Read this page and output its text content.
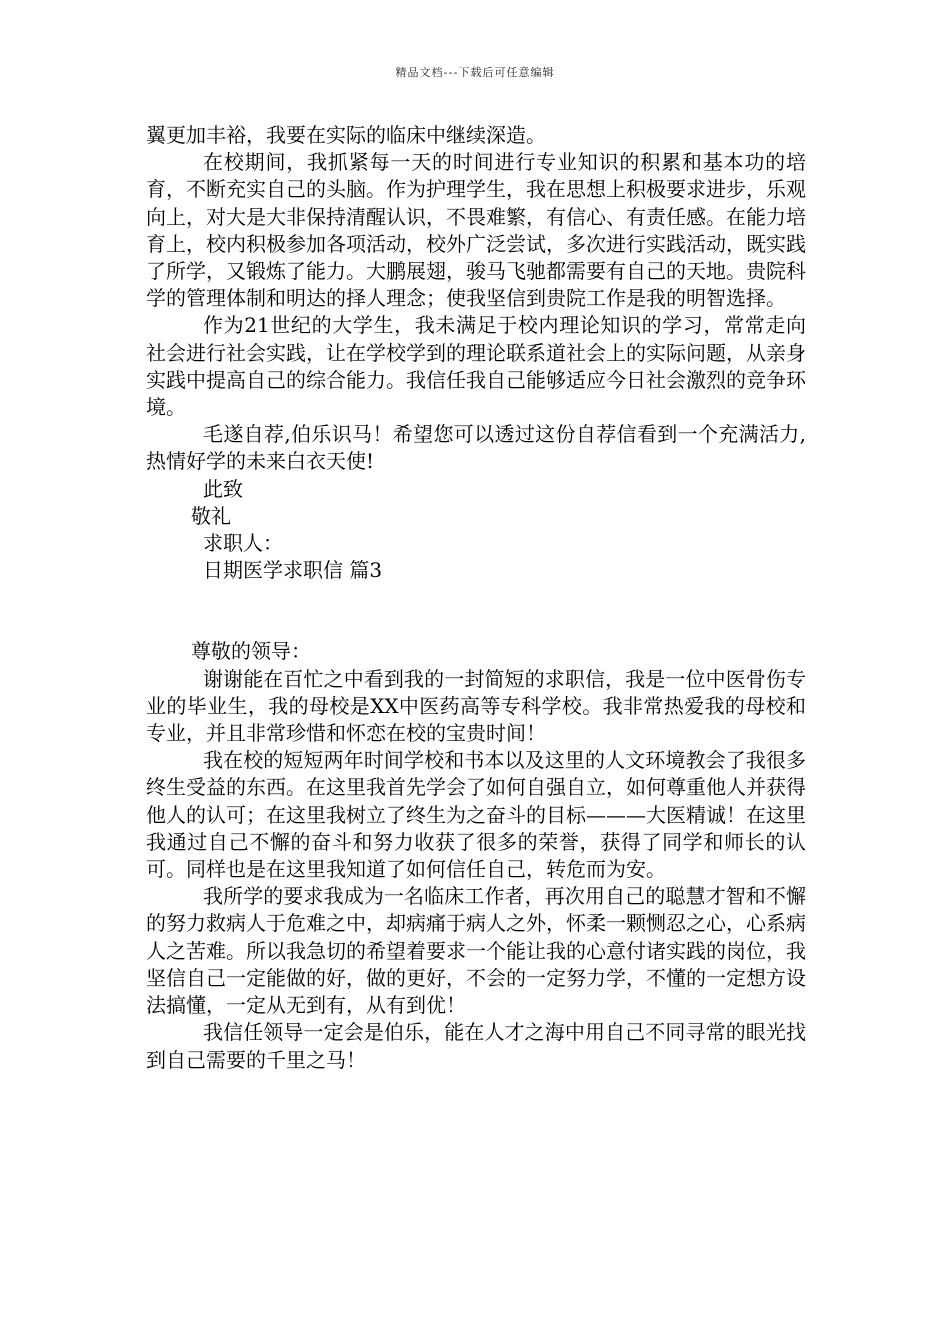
精品文档---下载后可任意编辑

翼更加丰裕，我要在实际的临床中继续深造。

在校期间，我抓紧每一天的时间进行专业知识的积累和基本功的培育，不断充实自己的头脑。作为护理学生，我在思想上积极要求进步，乐观向上，对大是大非保持清醒认识，不畏难繁，有信心、有责任感。在能力培育上，校内积极参加各项活动，校外广泛尝试，多次进行实践活动，既实践了所学，又锻炼了能力。大鹏展翅，骏马飞驰都需要有自己的天地。贵院科学的管理体制和明达的择人理念；使我坚信到贵院工作是我的明智选择。

作为21世纪的大学生，我未满足于校内理论知识的学习，常常走向社会进行社会实践，让在学校学到的理论联系道社会上的实际问题，从亲身实践中提高自己的综合能力。我信任我自己能够适应今日社会激烈的竞争环境。

毛遂自荐,伯乐识马！希望您可以透过这份自荐信看到一个充满活力,热情好学的未来白衣天使!

此致
敬礼
求职人：
日期医学求职信 篇3
尊敬的领导：

谢谢能在百忙之中看到我的一封简短的求职信，我是一位中医骨伤专业的毕业生，我的母校是XX中医药高等专科学校。我非常热爱我的母校和专业，并且非常珍惜和怀恋在校的宝贵时间！

我在校的短短两年时间学校和书本以及这里的人文环境教会了我很多终生受益的东西。在这里我首先学会了如何自强自立，如何尊重他人并获得他人的认可；在这里我树立了终生为之奋斗的目标———大医精诚！在这里我通过自己不懈的奋斗和努力收获了很多的荣誉，获得了同学和师长的认可。同样也是在这里我知道了如何信任自己，转危而为安。

我所学的要求我成为一名临床工作者，再次用自己的聪慧才智和不懈的努力救病人于危难之中，却病痛于病人之外，怀柔一颗恻忍之心，心系病人之苦难。所以我急切的希望着要求一个能让我的心意付诸实践的岗位，我坚信自己一定能做的好，做的更好，不会的一定努力学，不懂的一定想方设法搞懂，一定从无到有，从有到优！

我信任领导一定会是伯乐，能在人才之海中用自己不同寻常的眼光找到自己需要的千里之马！
